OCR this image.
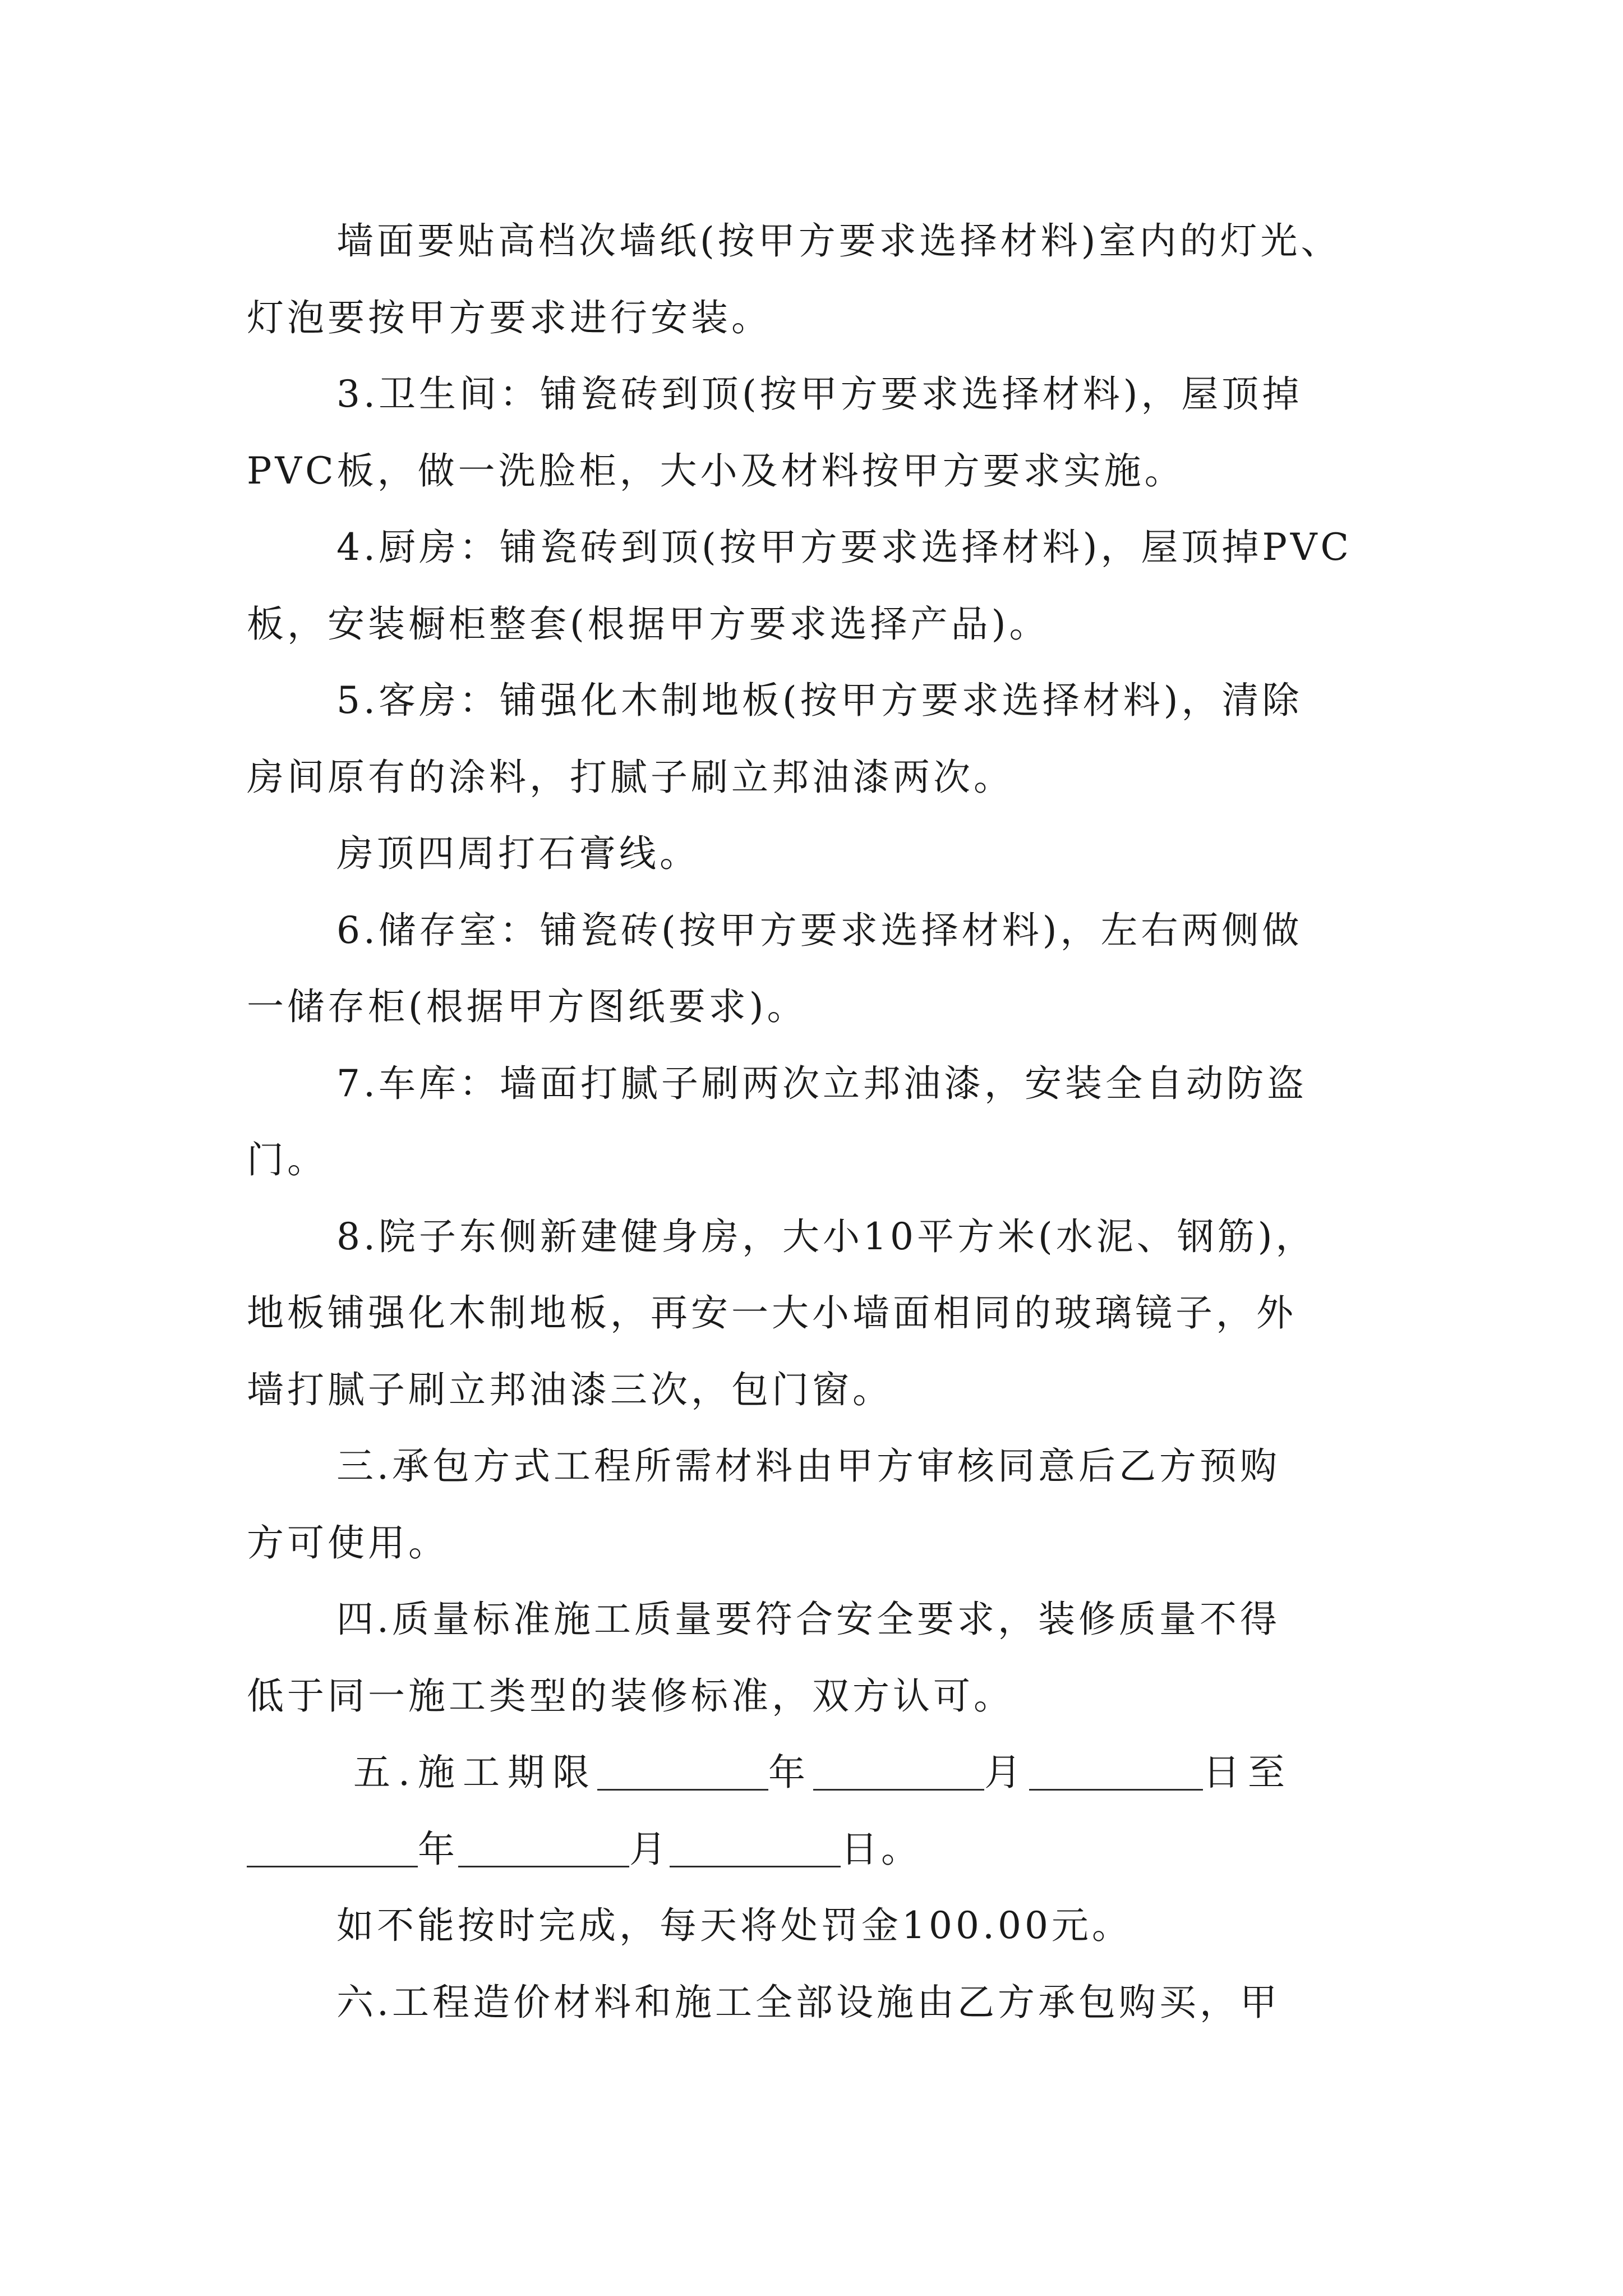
墙面要贴高档次墙纸(按甲方要求选择材料)室内的灯光、
灯泡要按甲方要求进行安装。
3.卫生间：铺瓷砖到顶(按甲方要求选择材料)，屋顶掉
PVC板，做一洗脸柜，大小及材料按甲方要求实施。
4.厨房：铺瓷砖到顶(按甲方要求选择材料)，屋顶掉PVC
板，安装橱柜整套(根据甲方要求选择产品)。
5.客房：铺强化木制地板(按甲方要求选择材料)，清除
房间原有的涂料，打腻子刷立邦油漆两次。
房顶四周打石膏线。
6.储存室：铺瓷砖(按甲方要求选择材料)，左右两侧做
一储存柜(根据甲方图纸要求)。
7.车库：墙面打腻子刷两次立邦油漆，安装全自动防盗
门。
8.院子东侧新建健身房，大小10平方米(水泥、钢筋)，
地板铺强化木制地板，再安一大小墙面相同的玻璃镜子，外
墙打腻子刷立邦油漆三次，包门窗。
三.承包方式工程所需材料由甲方审核同意后乙方预购
方可使用。
四.质量标准施工质量要符合安全要求，装修质量不得
低于同一施工类型的装修标准，双方认可。
五.施工期限	年	月	日至
年	月	日。
如不能按时完成，每天将处罚金100.00元。
六.工程造价材料和施工全部设施由乙方承包购买，甲
